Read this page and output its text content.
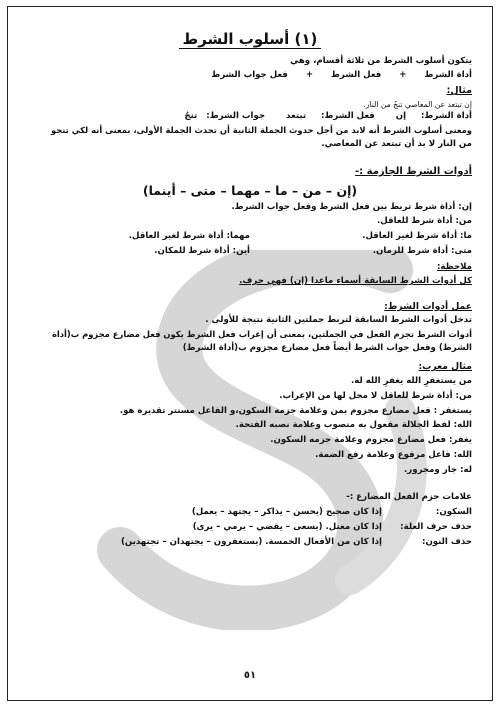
(١) أسلوب الشرط
يتكون أسلوب الشرط من ثلاثة أقسام، وهي
أداة الشرط      +      فعل الشرط      +      فعل جواب الشرط
مثال:
إن تبتعد عن المعاصي تنجُ من النار.
أداة الشرط:     إن       فعل الشرط:     تبتعد       جواب الشرط:   تنجُ
ومعنى أسلوب الشرط أنه لابد من أجل حدوث الجملة الثانية أن تحدث الجملة الأولى، بمعنى أنه لكي تنجو
من النار لا بد أن تبتعد عن المعاصي.
أدوات الشرط الجازمة :-
(إن – من – ما – مهما – متى – أينما)
إن: أداة شرط تربط بين فعل الشرط وفعل جواب الشرط.
من: أداة شرط للعاقل.
ما: أداة شرط لغير العاقل.
مهما: أداة شرط لغير العاقل.
متى: أداة شرط للزمان.
أين: أداة شرط للمكان.
ملاحظة:
كل أدوات الشرط السابقة أسماء ماعدا (إن) فهي حرف.
عمل أدوات الشرط:
تدخل أدوات الشرط السابقة لتربط جملتين الثانية نتيجة للأولى .
أدوات الشرط تجزم الفعل في الجملتين، بمعنى أن إعراب فعل الشرط يكون فعل مضارع مجزوم ب(أداة
الشرط) وفعل جواب الشرط أيضاً فعل مضارع مجزوم ب(أداة الشرط)
مثال معرب:
من يستغفرِ الله يغفرِ الله له.
من: أداة شرط للعاقل لا محل لها من الإعراب.
يستغفر : فعل مضارع مجزوم بمن وعلامة جزمه السكون،و الفاعل مستتر تقديره هو.
الله: لفظ الجلالة مفعول به منصوب وعلامة نصبه الفتحة.
يغفر: فعل مضارع مجزوم وعلامة جزمه السكون.
الله: فاعل مرفوع وعلامة رفع الضمة.
له: جار ومجرور.
علامات جزم الفعل المضارع :-
السكون:
إذا كان صحيح (يحسن – يذاكر – يجتهد – يعمل)
حذف حرف العلة:
إذا كان معتل. (يسعى – يقضي – يرمي – يرى)
حذف النون:
إذا كان من الأفعال الخمسة. (يستغفرون – يجتهدان – تجتهدين)
٥١
